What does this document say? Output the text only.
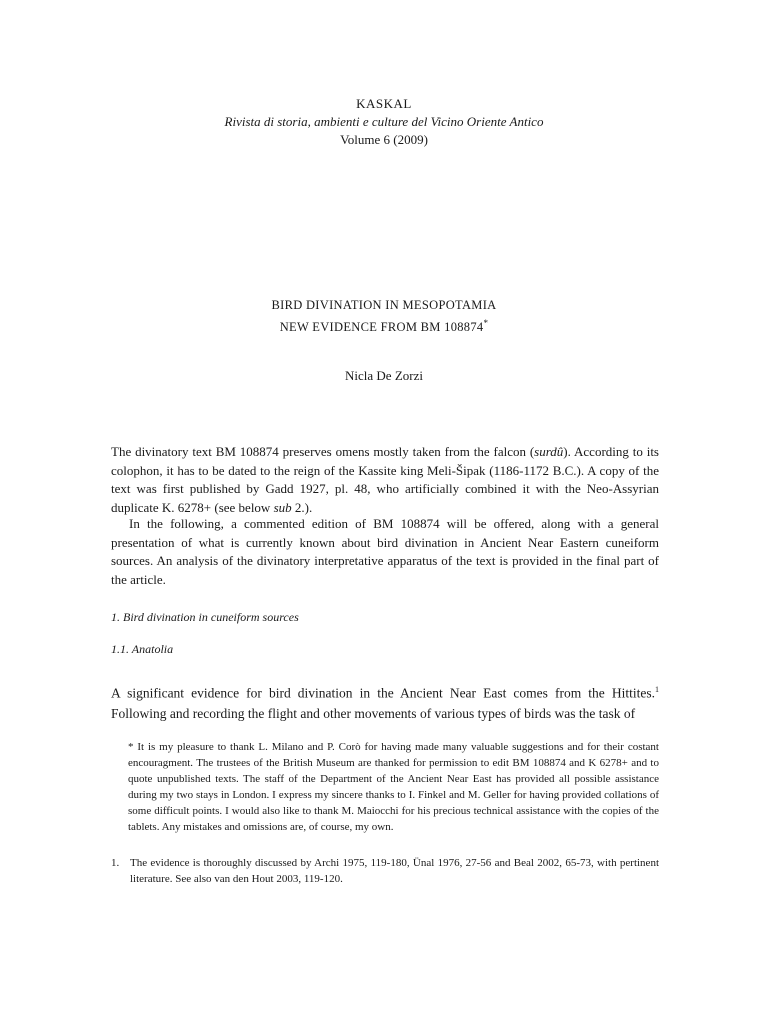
KASKAL
Rivista di storia, ambienti e culture del Vicino Oriente Antico
Volume 6 (2009)
BIRD DIVINATION IN MESOPOTAMIA
NEW EVIDENCE FROM BM 108874*
Nicla De Zorzi
The divinatory text BM 108874 preserves omens mostly taken from the falcon (surdû). According to its colophon, it has to be dated to the reign of the Kassite king Meli-Šipak (1186-1172 B.C.). A copy of the text was first published by Gadd 1927, pl. 48, who artificially combined it with the Neo-Assyrian duplicate K. 6278+ (see below sub 2.).
In the following, a commented edition of BM 108874 will be offered, along with a general presentation of what is currently known about bird divination in Ancient Near Eastern cuneiform sources. An analysis of the divinatory interpretative apparatus of the text is provided in the final part of the article.
1. Bird divination in cuneiform sources
1.1. Anatolia
A significant evidence for bird divination in the Ancient Near East comes from the Hittites.$^1$ Following and recording the flight and other movements of various types of birds was the task of
* It is my pleasure to thank L. Milano and P. Corò for having made many valuable suggestions and for their costant encouragment. The trustees of the British Museum are thanked for permission to edit BM 108874 and K 6278+ and to quote unpublished texts. The staff of the Department of the Ancient Near East has provided all possible assistance during my two stays in London. I express my sincere thanks to I. Finkel and M. Geller for having provided collations of some difficult points. I would also like to thank M. Maiocchi for his precious technical assistance with the copies of the tablets. Any mistakes and omissions are, of course, my own.
1. The evidence is thoroughly discussed by Archi 1975, 119-180, Ünal 1976, 27-56 and Beal 2002, 65-73, with pertinent literature. See also van den Hout 2003, 119-120.
